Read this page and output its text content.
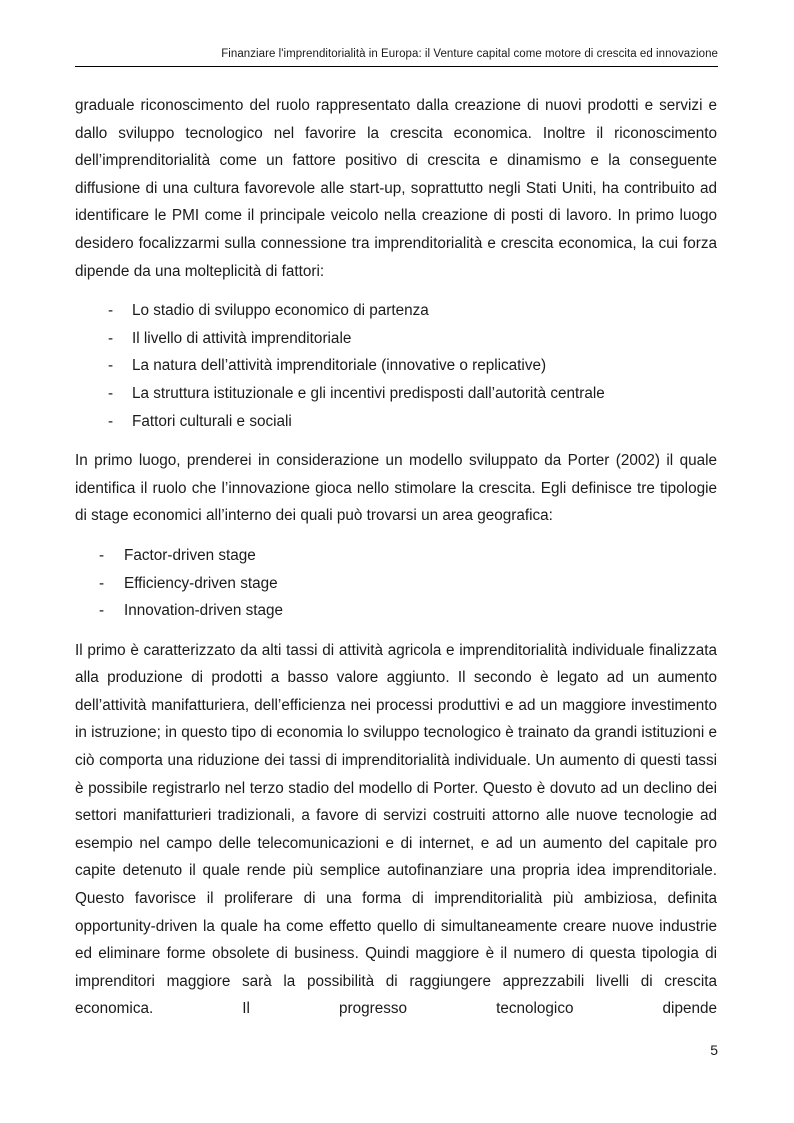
Finanziare l'imprenditorialità in Europa: il Venture capital come motore di crescita ed innovazione

graduale riconoscimento del ruolo rappresentato dalla creazione di nuovi prodotti e servizi e dallo sviluppo tecnologico nel favorire la crescita economica. Inoltre il riconoscimento dell’imprenditorialità come un fattore positivo di crescita e dinamismo e la conseguente diffusione di una cultura favorevole alle start-up, soprattutto negli Stati Uniti, ha contribuito ad identificare le PMI come il principale veicolo nella creazione di posti di lavoro. In primo luogo desidero focalizzarmi sulla connessione tra imprenditorialità e crescita economica, la cui forza dipende da una molteplicità di fattori:

- Lo stadio di sviluppo economico di partenza
- Il livello di attività imprenditoriale
- La natura dell’attività imprenditoriale (innovative o replicative)
- La struttura istituzionale e gli incentivi predisposti dall’autorità centrale
- Fattori culturali e sociali

In primo luogo, prenderei in considerazione un modello sviluppato da Porter (2002) il quale identifica il ruolo che l’innovazione gioca nello stimolare la crescita. Egli definisce tre tipologie di stage economici all’interno dei quali può trovarsi un area geografica:

- Factor-driven stage
- Efficiency-driven stage
- Innovation-driven stage

Il primo è caratterizzato da alti tassi di attività agricola e imprenditorialità individuale finalizzata alla produzione di prodotti a basso valore aggiunto. Il secondo è legato ad un aumento dell’attività manifatturiera, dell’efficienza nei processi produttivi e ad un maggiore investimento in istruzione; in questo tipo di economia lo sviluppo tecnologico è trainato da grandi istituzioni e ciò comporta una riduzione dei tassi di imprenditorialità individuale. Un aumento di questi tassi è possibile registrarlo nel terzo stadio del modello di Porter. Questo è dovuto ad un declino dei settori manifatturieri tradizionali, a favore di servizi costruiti attorno alle nuove tecnologie ad esempio nel campo delle telecomunicazioni e di internet, e ad un aumento del capitale pro capite detenuto il quale rende più semplice autofinanziare una propria idea imprenditoriale. Questo favorisce il proliferare di una forma di imprenditorialità più ambiziosa, definita opportunity-driven la quale ha come effetto quello di simultaneamente creare nuove industrie ed eliminare forme obsolete di business. Quindi maggiore è il numero di questa tipologia di imprenditori maggiore sarà la possibilità di raggiungere apprezzabili livelli di crescita economica. Il progresso tecnologico dipende

5
